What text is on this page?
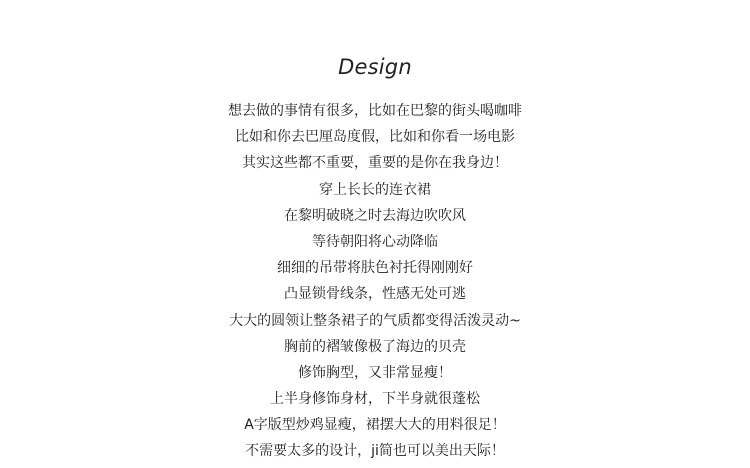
Design
想去做的事情有很多，比如在巴黎的街头喝咖啡
比如和你去巴厘岛度假，比如和你看一场电影
其实这些都不重要，重要的是你在我身边！
穿上长长的连衣裙
在黎明破晓之时去海边吹吹风
等待朝阳将心动降临
细细的吊带将肤色衬托得刚刚好
凸显锁骨线条，性感无处可逃
大大的圆领让整条裙子的气质都变得活泼灵动~
胸前的褶皱像极了海边的贝壳
修饰胸型，又非常显瘦！
上半身修饰身材，下半身就很蓬松
A字版型炒鸡显瘦，裙摆大大的用料很足！
不需要太多的设计，ji简也可以美出天际！
